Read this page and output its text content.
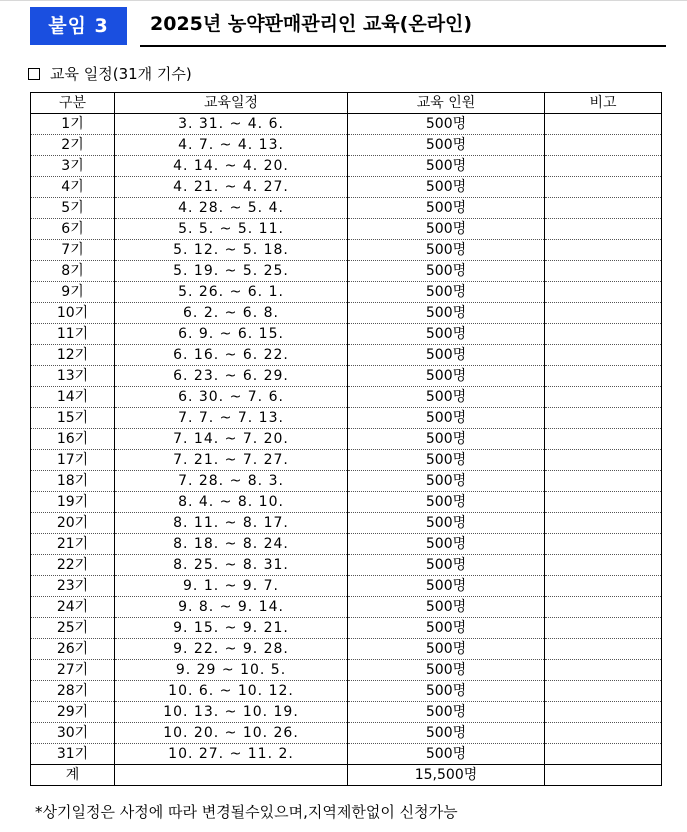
붙임 3	2025년 농약판매관리인 교육(온라인)
교육 일정(31개 기수)
구분	교육일정	교육 인원	비고
1기	3. 31. ~ 4. 6.	500명	
2기	4. 7. ~ 4. 13.	500명	
3기	4. 14. ~ 4. 20.	500명	
4기	4. 21. ~ 4. 27.	500명	
5기	4. 28. ~ 5. 4.	500명	
6기	5. 5. ~ 5. 11.	500명	
7기	5. 12. ~ 5. 18.	500명	
8기	5. 19. ~ 5. 25.	500명	
9기	5. 26. ~ 6. 1.	500명	
10기	6. 2. ~ 6. 8.	500명	
11기	6. 9. ~ 6. 15.	500명	
12기	6. 16. ~ 6. 22.	500명	
13기	6. 23. ~ 6. 29.	500명	
14기	6. 30. ~ 7. 6.	500명	
15기	7. 7. ~ 7. 13.	500명	
16기	7. 14. ~ 7. 20.	500명	
17기	7. 21. ~ 7. 27.	500명	
18기	7. 28. ~ 8. 3.	500명	
19기	8. 4. ~ 8. 10.	500명	
20기	8. 11. ~ 8. 17.	500명	
21기	8. 18. ~ 8. 24.	500명	
22기	8. 25. ~ 8. 31.	500명	
23기	9. 1. ~ 9. 7.	500명	
24기	9. 8. ~ 9. 14.	500명	
25기	9. 15. ~ 9. 21.	500명	
26기	9. 22. ~ 9. 28.	500명	
27기	9. 29 ~ 10. 5.	500명	
28기	10. 6. ~ 10. 12.	500명	
29기	10. 13. ~ 10. 19.	500명	
30기	10. 20. ~ 10. 26.	500명	
31기	10. 27. ~ 11. 2.	500명	
계		15,500명	
*상기일정은 사정에 따라 변경될수있으며,지역제한없이 신청가능
